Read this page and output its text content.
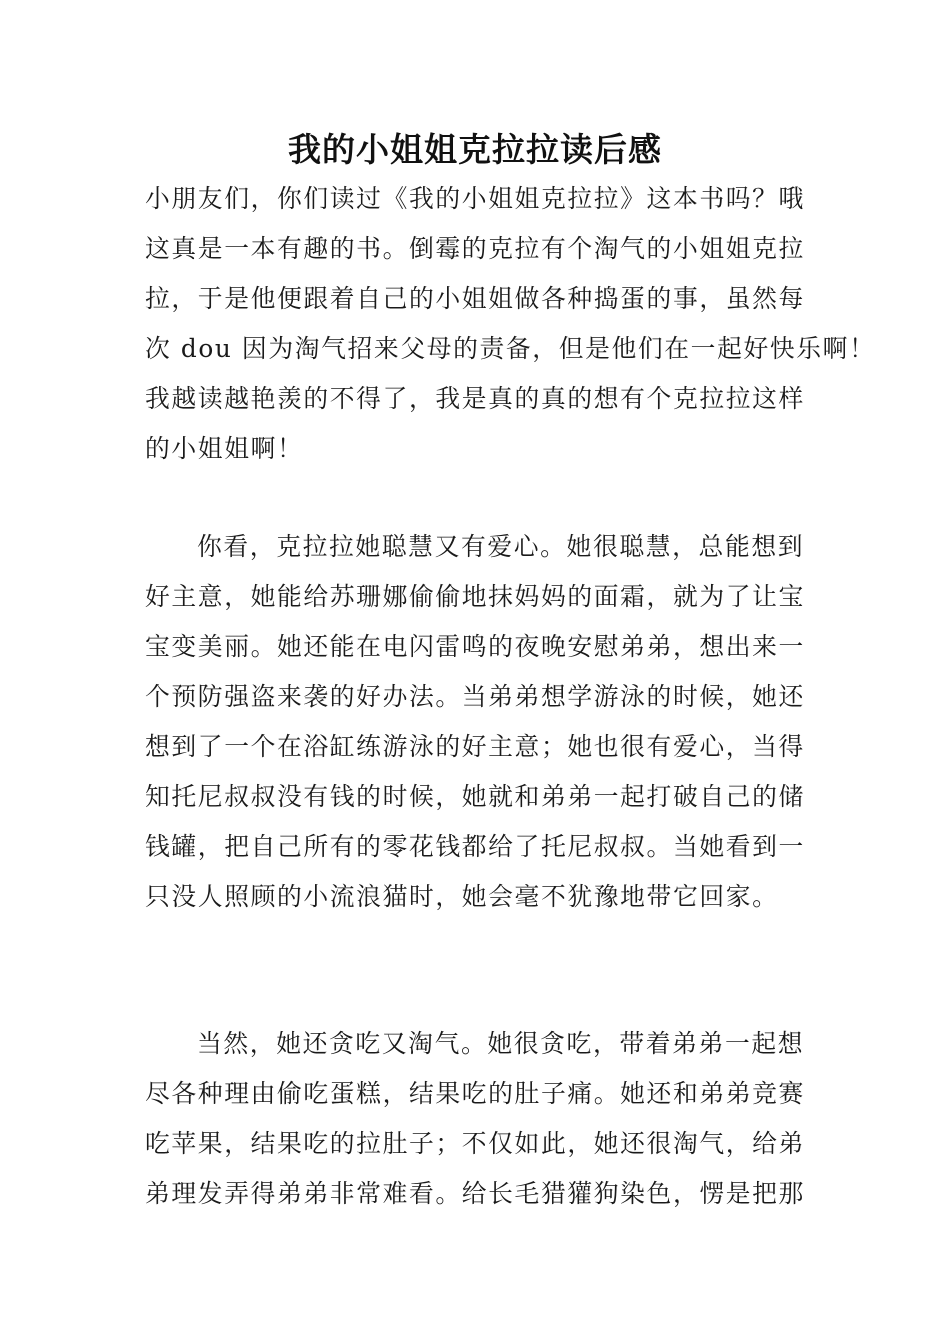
我的小姐姐克拉拉读后感

小朋友们，你们读过《我的小姐姐克拉拉》这本书吗？哦

这真是一本有趣的书。倒霉的克拉有个淘气的小姐姐克拉

拉，于是他便跟着自己的小姐姐做各种捣蛋的事，虽然每

次 dou 因为淘气招来父母的责备，但是他们在一起好快乐啊！

我越读越艳羡的不得了，我是真的真的想有个克拉拉这样

的小姐姐啊！

你看，克拉拉她聪慧又有爱心。她很聪慧，总能想到

好主意，她能给苏珊娜偷偷地抹妈妈的面霜，就为了让宝

宝变美丽。她还能在电闪雷鸣的夜晚安慰弟弟，想出来一

个预防强盗来袭的好办法。当弟弟想学游泳的时候，她还

想到了一个在浴缸练游泳的好主意；她也很有爱心，当得

知托尼叔叔没有钱的时候，她就和弟弟一起打破自己的储

钱罐，把自己所有的零花钱都给了托尼叔叔。当她看到一

只没人照顾的小流浪猫时，她会毫不犹豫地带它回家。

当然，她还贪吃又淘气。她很贪吃，带着弟弟一起想

尽各种理由偷吃蛋糕，结果吃的肚子痛。她还和弟弟竞赛

吃苹果，结果吃的拉肚子；不仅如此，她还很淘气，给弟

弟理发弄得弟弟非常难看。给长毛猎獾狗染色，愣是把那
